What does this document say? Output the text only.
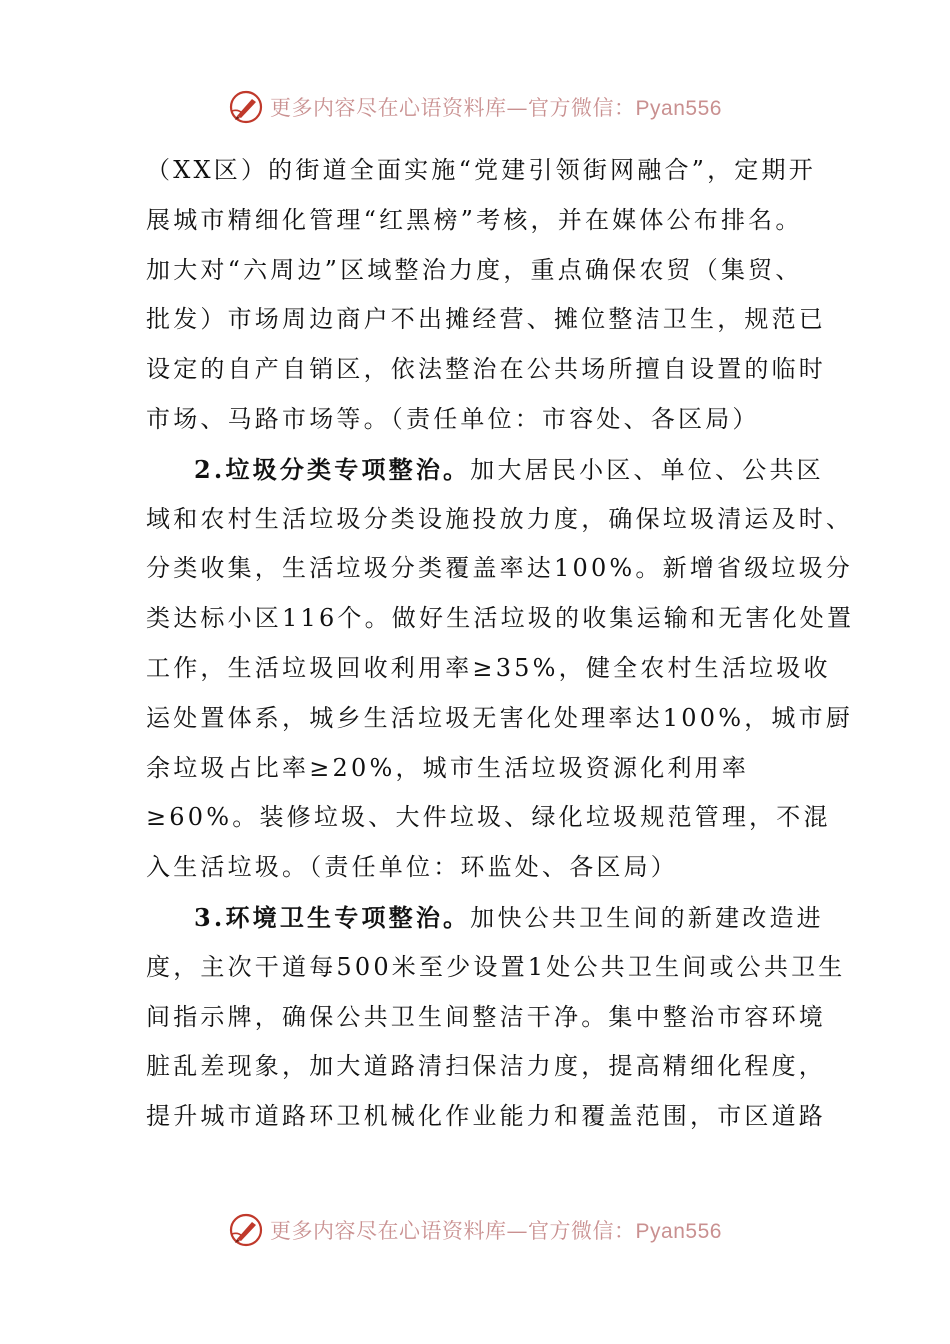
更多内容尽在心语资料库—官方微信：Pyan556
（XX区）的街道全面实施“党建引领街网融合”，定期开
展城市精细化管理“红黑榜”考核，并在媒体公布排名。
加大对“六周边”区域整治力度，重点确保农贸（集贸、
批发）市场周边商户不出摊经营、摊位整洁卫生，规范已
设定的自产自销区，依法整治在公共场所擅自设置的临时
市场、马路市场等。（责任单位：市容处、各区局）
2.垃圾分类专项整治。加大居民小区、单位、公共区
域和农村生活垃圾分类设施投放力度，确保垃圾清运及时、
分类收集，生活垃圾分类覆盖率达100%。新增省级垃圾分
类达标小区116个。做好生活垃圾的收集运输和无害化处置
工作，生活垃圾回收利用率≥35%，健全农村生活垃圾收
运处置体系，城乡生活垃圾无害化处理率达100%，城市厨
余垃圾占比率≥20%，城市生活垃圾资源化利用率
≥60%。装修垃圾、大件垃圾、绿化垃圾规范管理，不混
入生活垃圾。（责任单位：环监处、各区局）
3.环境卫生专项整治。加快公共卫生间的新建改造进
度，主次干道每500米至少设置1处公共卫生间或公共卫生
间指示牌，确保公共卫生间整洁干净。集中整治市容环境
脏乱差现象，加大道路清扫保洁力度，提高精细化程度，
提升城市道路环卫机械化作业能力和覆盖范围，市区道路
更多内容尽在心语资料库—官方微信：Pyan556
